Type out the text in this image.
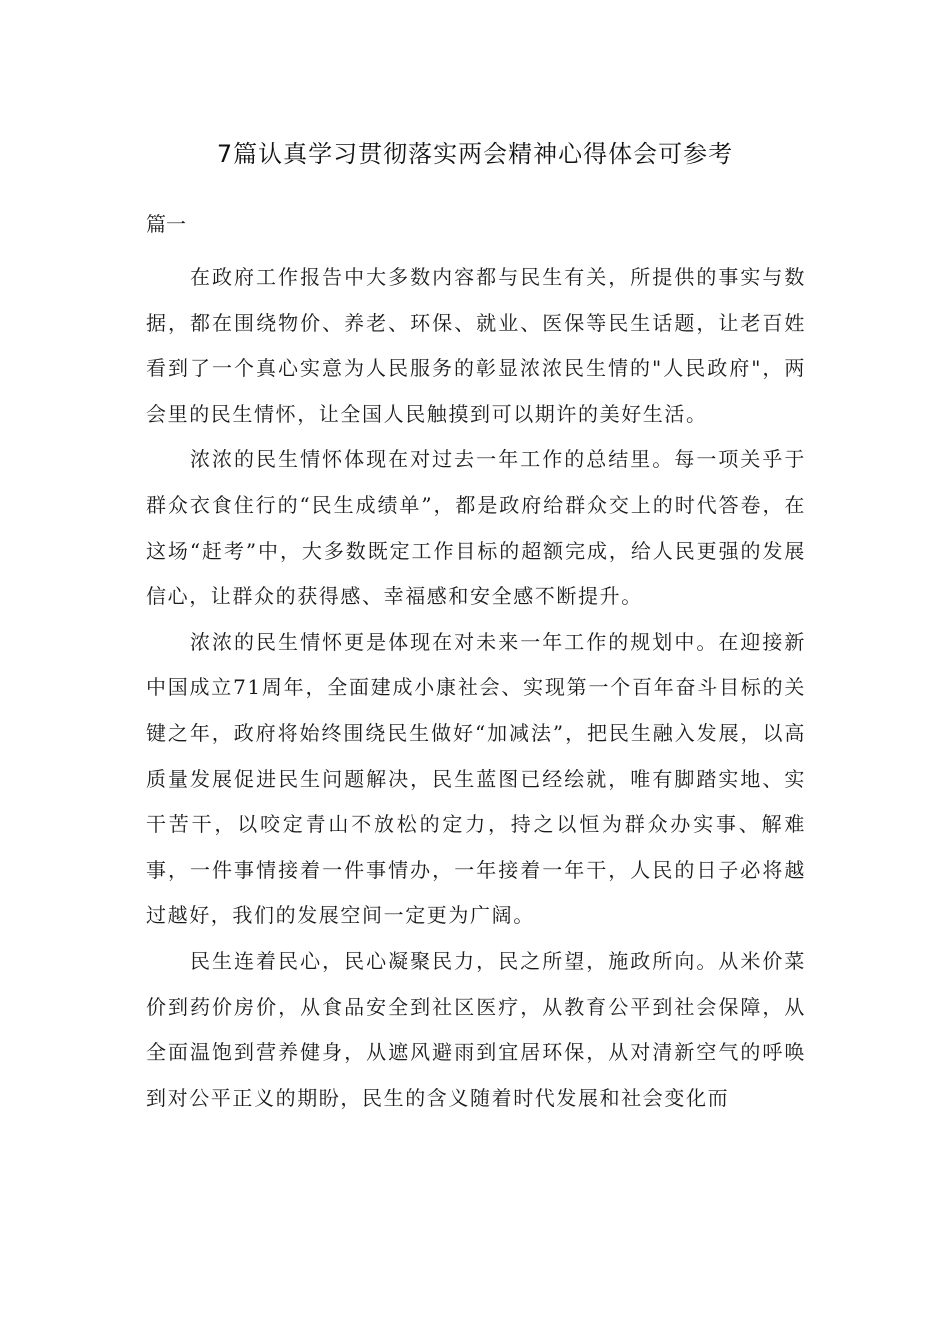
7篇认真学习贯彻落实两会精神心得体会可参考
篇一

在政府工作报告中大多数内容都与民生有关，所提供的事实与数据，都在围绕物价、养老、环保、就业、医保等民生话题，让老百姓看到了一个真心实意为人民服务的彰显浓浓民生情的"人民政府"，两会里的民生情怀，让全国人民触摸到可以期许的美好生活。

浓浓的民生情怀体现在对过去一年工作的总结里。每一项关乎于群众衣食住行的“民生成绩单”，都是政府给群众交上的时代答卷，在这场“赶考”中，大多数既定工作目标的超额完成，给人民更强的发展信心，让群众的获得感、幸福感和安全感不断提升。

浓浓的民生情怀更是体现在对未来一年工作的规划中。在迎接新中国成立71周年，全面建成小康社会、实现第一个百年奋斗目标的关键之年，政府将始终围绕民生做好“加减法”，把民生融入发展，以高质量发展促进民生问题解决，民生蓝图已经绘就，唯有脚踏实地、实干苦干，以咬定青山不放松的定力，持之以恒为群众办实事、解难事，一件事情接着一件事情办，一年接着一年干，人民的日子必将越过越好，我们的发展空间一定更为广阔。

民生连着民心，民心凝聚民力，民之所望，施政所向。从米价菜价到药价房价，从食品安全到社区医疗，从教育公平到社会保障，从全面温饱到营养健身，从遮风避雨到宜居环保，从对清新空气的呼唤到对公平正义的期盼，民生的含义随着时代发展和社会变化而
